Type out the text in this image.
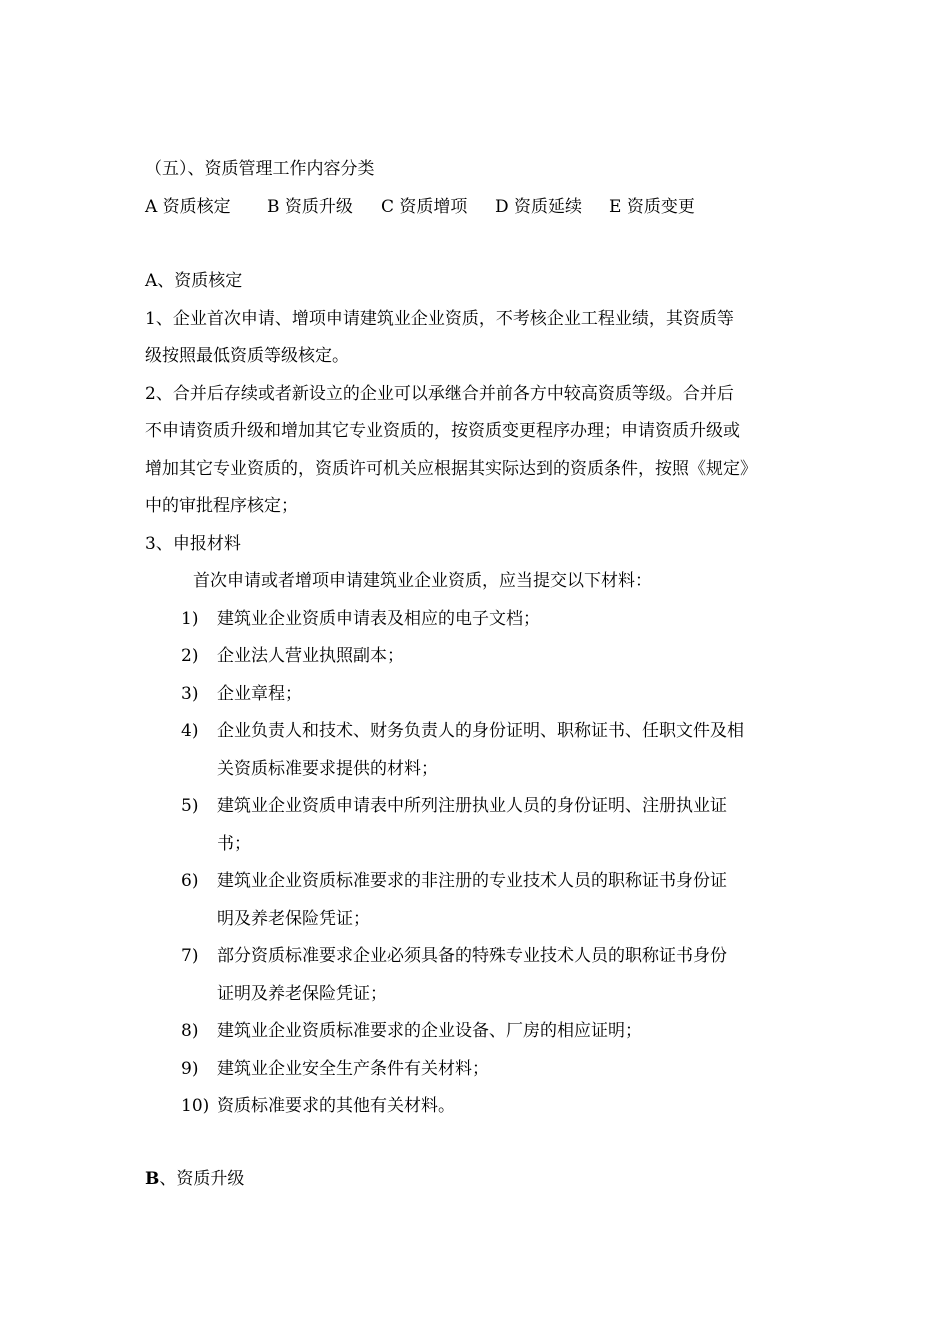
（五）、资质管理工作内容分类
A 资质核定 B 资质升级 C 资质增项 D 资质延续 E 资质变更
A、资质核定
1、企业首次申请、增项申请建筑业企业资质，不考核企业工程业绩，其资质等
级按照最低资质等级核定。
2、合并后存续或者新设立的企业可以承继合并前各方中较高资质等级。合并后
不申请资质升级和增加其它专业资质的，按资质变更程序办理；申请资质升级或
增加其它专业资质的，资质许可机关应根据其实际达到的资质条件，按照《规定》
中的审批程序核定；
3、申报材料
首次申请或者增项申请建筑业企业资质，应当提交以下材料：
1) 建筑业企业资质申请表及相应的电子文档；
2) 企业法人营业执照副本；
3) 企业章程；
4) 企业负责人和技术、财务负责人的身份证明、职称证书、任职文件及相
关资质标准要求提供的材料；
5) 建筑业企业资质申请表中所列注册执业人员的身份证明、注册执业证
书；
6) 建筑业企业资质标准要求的非注册的专业技术人员的职称证书身份证
明及养老保险凭证；
7) 部分资质标准要求企业必须具备的特殊专业技术人员的职称证书身份
证明及养老保险凭证；
8) 建筑业企业资质标准要求的企业设备、厂房的相应证明；
9) 建筑业企业安全生产条件有关材料；
10) 资质标准要求的其他有关材料。
B、资质升级
